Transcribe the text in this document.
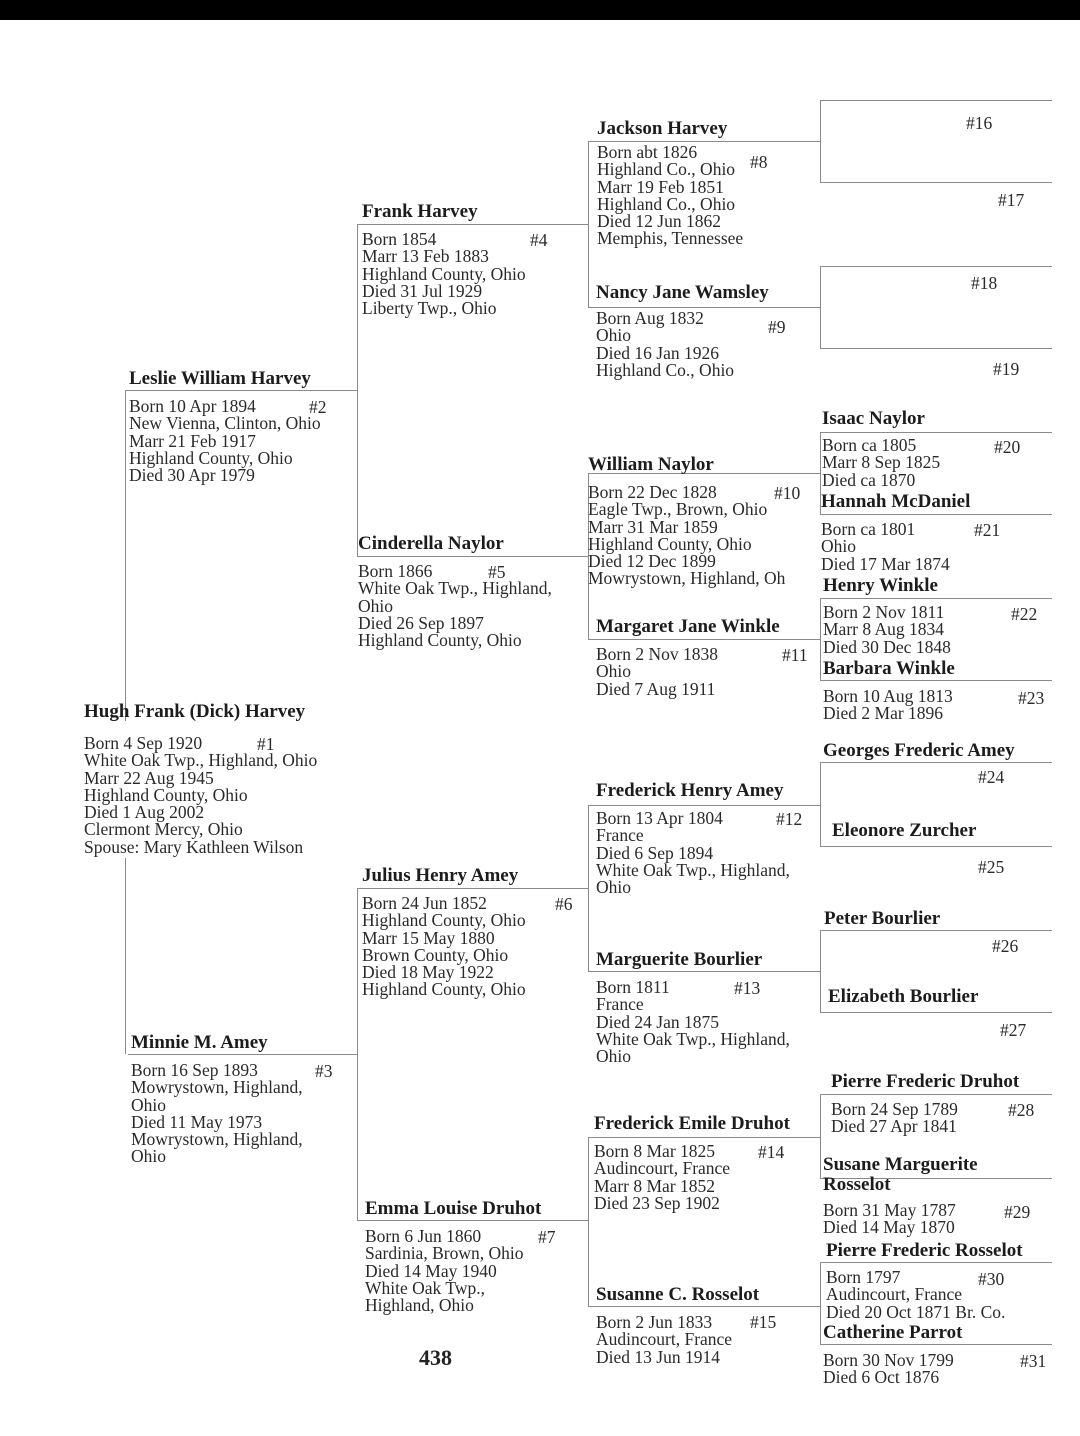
Hugh Frank (Dick) Harvey
Born 4 Sep 1920
White Oak Twp., Highland, Ohio
Marr 22 Aug 1945
Highland County, Ohio
Died 1 Aug 2002
Clermont Mercy, Ohio
Spouse: Mary Kathleen Wilson
#1
Leslie William Harvey
Born 10 Apr 1894
New Vienna, Clinton, Ohio
Marr 21 Feb 1917
Highland County, Ohio
Died 30 Apr 1979
#2
Minnie M. Amey
Born 16 Sep 1893
Mowrystown, Highland,
Ohio
Died 11 May 1973
Mowrystown, Highland,
Ohio
#3
Frank Harvey
Born 1854
Marr 13 Feb 1883
Highland County, Ohio
Died 31 Jul 1929
Liberty Twp., Ohio
#4
Cinderella Naylor
Born 1866
White Oak Twp., Highland,
Ohio
Died 26 Sep 1897
Highland County, Ohio
#5
Julius Henry Amey
Born 24 Jun 1852
Highland County, Ohio
Marr 15 May 1880
Brown County, Ohio
Died 18 May 1922
Highland County, Ohio
#6
Emma Louise Druhot
Born 6 Jun 1860
Sardinia, Brown, Ohio
Died 14 May 1940
White Oak Twp.,
Highland, Ohio
#7
Jackson Harvey
Born abt 1826
Highland Co., Ohio
Marr 19 Feb 1851
Highland Co., Ohio
Died 12 Jun 1862
Memphis, Tennessee
#8
Nancy Jane Wamsley
Born Aug 1832
Ohio
Died 16 Jan 1926
Highland Co., Ohio
#9
William Naylor
Born 22 Dec 1828
Eagle Twp., Brown, Ohio
Marr 31 Mar 1859
Highland County, Ohio
Died 12 Dec 1899
Mowrystown, Highland, Oh
#10
Margaret Jane Winkle
Born 2 Nov 1838
Ohio
Died 7 Aug 1911
#11
Frederick Henry Amey
Born 13 Apr 1804
France
Died 6 Sep 1894
White Oak Twp., Highland,
Ohio
#12
Marguerite Bourlier
Born 1811
France
Died 24 Jan 1875
White Oak Twp., Highland,
Ohio
#13
Frederick Emile Druhot
Born 8 Mar 1825
Audincourt, France
Marr 8 Mar 1852
Died 23 Sep 1902
#14
Susanne C. Rosselot
Born 2 Jun 1833
Audincourt, France
Died 13 Jun 1914
#15
#16
#17
#18
#19
Isaac Naylor
Born ca 1805
Marr 8 Sep 1825
Died ca 1870
#20
Hannah McDaniel
Born ca 1801
Ohio
Died 17 Mar 1874
#21
Henry Winkle
Born 2 Nov 1811
Marr 8 Aug 1834
Died 30 Dec 1848
#22
Barbara Winkle
Born 10 Aug 1813
Died 2 Mar 1896
#23
Georges Frederic Amey
#24
Eleonore Zurcher
#25
Peter Bourlier
#26
Elizabeth Bourlier
#27
Pierre Frederic Druhot
Born 24 Sep 1789
Died 27 Apr 1841
#28
Susane Marguerite Rosselot
Born 31 May 1787
Died 14 May 1870
#29
Pierre Frederic Rosselot
Born 1797
Audincourt, France
Died 20 Oct 1871 Br. Co.
#30
Catherine Parrot
Born 30 Nov 1799
Died 6 Oct 1876
#31
438
